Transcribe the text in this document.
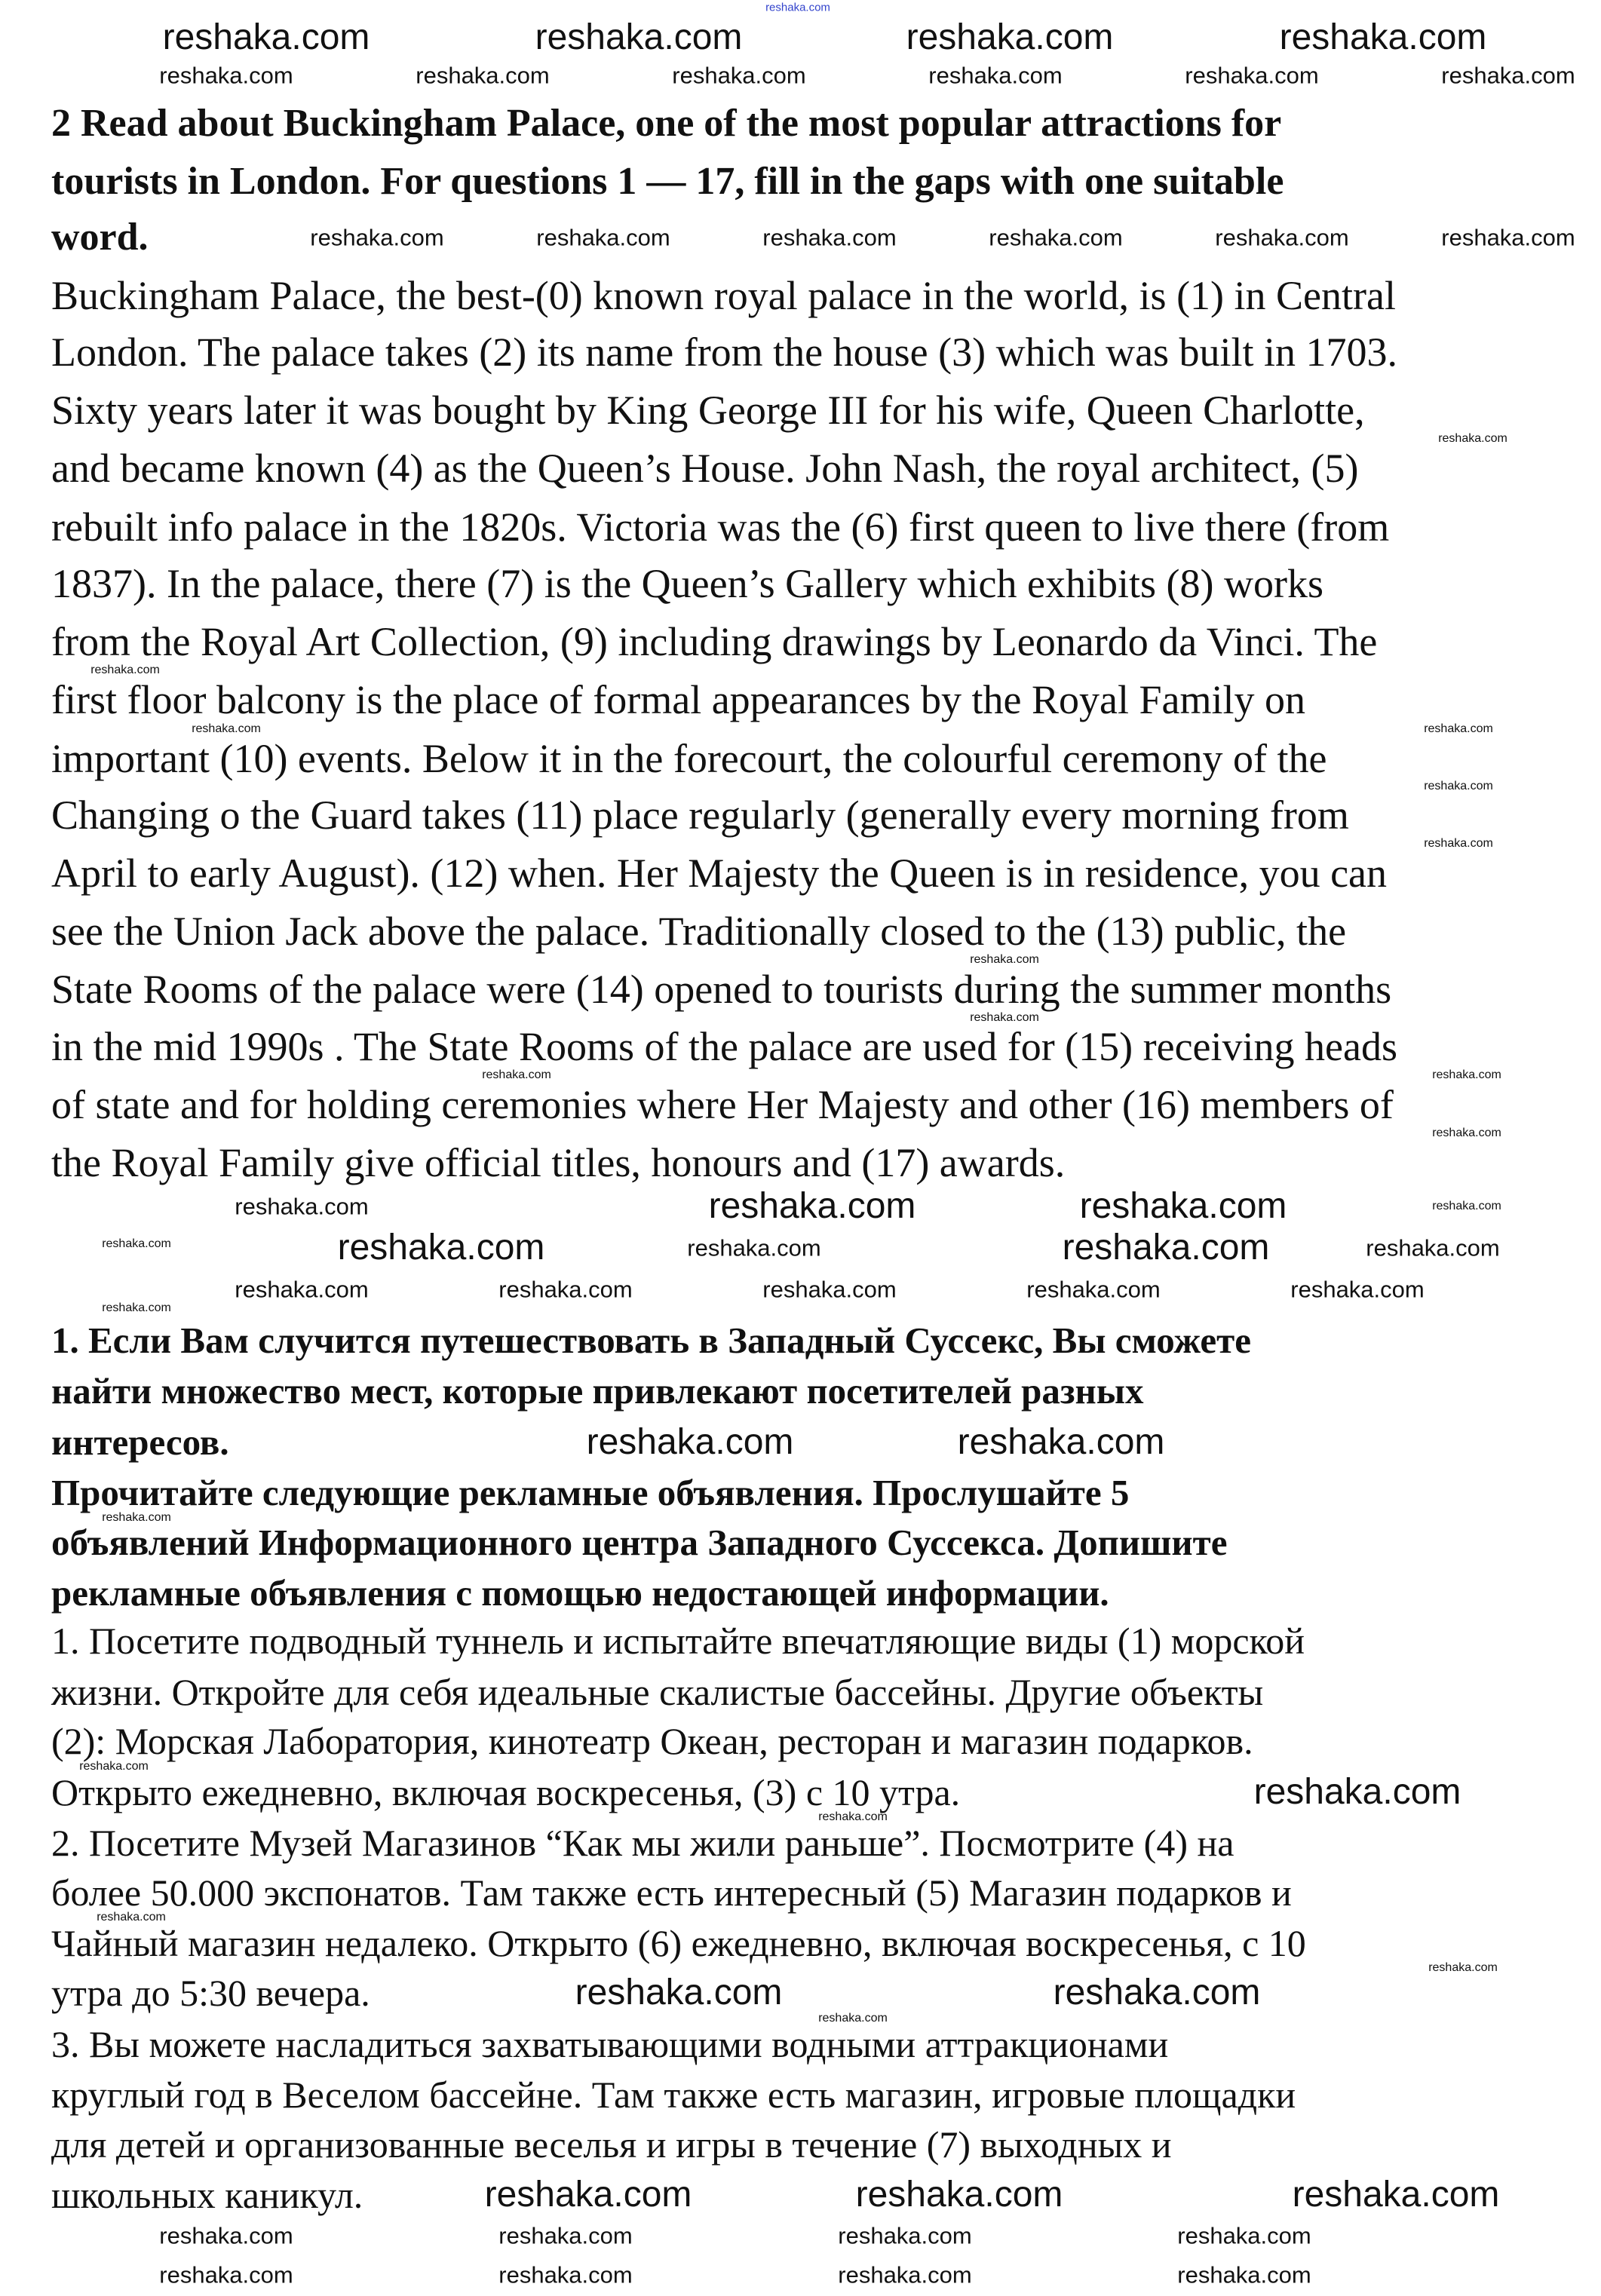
reshaka.com
2 Read about Buckingham Palace, one of the most popular attractions for
tourists in London. For questions 1 — 17, fill in the gaps with one suitable
word.
Buckingham Palace, the best-(0) known royal palace in the world, is (1) in Central
London. The palace takes (2) its name from the house (3) which was built in 1703.
Sixty years later it was bought by King George III for his wife, Queen Charlotte,
and became known (4) as the Queen’s House. John Nash, the royal architect, (5)
rebuilt info palace in the 1820s. Victoria was the (6) first queen to live there (from
1837). In the palace, there (7) is the Queen’s Gallery which exhibits (8) works
from the Royal Art Collection, (9) including drawings by Leonardo da Vinci. The
first floor balcony is the place of formal appearances by the Royal Family on
important (10) events. Below it in the forecourt, the colourful ceremony of the
Changing o the Guard takes (11) place regularly (generally every morning from
April to early August). (12) when. Her Majesty the Queen is in residence, you can
see the Union Jack above the palace. Traditionally closed to the (13) public, the
State Rooms of the palace were (14) opened to tourists during the summer months
in the mid 1990s . The State Rooms of the palace are used for (15) receiving heads
of state and for holding ceremonies where Her Majesty and other (16) members of
the Royal Family give official titles, honours and (17) awards.
1. Если Вам случится путешествовать в Западный Суссекс, Вы сможете
найти множество мест, которые привлекают посетителей разных
интересов.
Прочитайте следующие рекламные объявления. Прослушайте 5
объявлений Информационного центра Западного Суссекса. Допишите
рекламные объявления с помощью недостающей информации.
1. Посетите подводный туннель и испытайте впечатляющие виды (1) морской
жизни. Откройте для себя идеальные скалистые бассейны. Другие объекты
(2): Морская Лаборатория, кинотеатр Океан, ресторан и магазин подарков.
Открыто ежедневно, включая воскресенья, (3) с 10 утра.
2. Посетите Музей Магазинов “Как мы жили раньше”. Посмотрите (4) на
более 50.000 экспонатов. Там также есть интересный (5) Магазин подарков и
Чайный магазин недалеко. Открыто (6) ежедневно, включая воскресенья, с 10
утра до 5:30 вечера.
3. Вы можете насладиться захватывающими водными аттракционами
круглый год в Веселом бассейне. Там также есть магазин, игровые площадки
для детей и организованные веселья и игры в течение (7) выходных и
школьных каникул.
reshaka.com	reshaka.com	reshaka.com	reshaka.com
reshaka.com	reshaka.com	reshaka.com	reshaka.com	reshaka.com	reshaka.com
reshaka.com	reshaka.com	reshaka.com	reshaka.com	reshaka.com	reshaka.com
reshaka.com
reshaka.com
reshaka.com
reshaka.com
reshaka.com
reshaka.com
reshaka.com
reshaka.com
reshaka.com	reshaka.com
reshaka.com
reshaka.com	reshaka.com	reshaka.com	reshaka.com
reshaka.com	reshaka.com	reshaka.com	reshaka.com	reshaka.com
reshaka.com	reshaka.com	reshaka.com	reshaka.com	reshaka.com
reshaka.com
reshaka.com	reshaka.com
reshaka.com
reshaka.com
reshaka.com
reshaka.com
reshaka.com
reshaka.com
reshaka.com	reshaka.com
reshaka.com
reshaka.com	reshaka.com	reshaka.com
reshaka.com	reshaka.com	reshaka.com	reshaka.com
reshaka.com	reshaka.com	reshaka.com	reshaka.com
